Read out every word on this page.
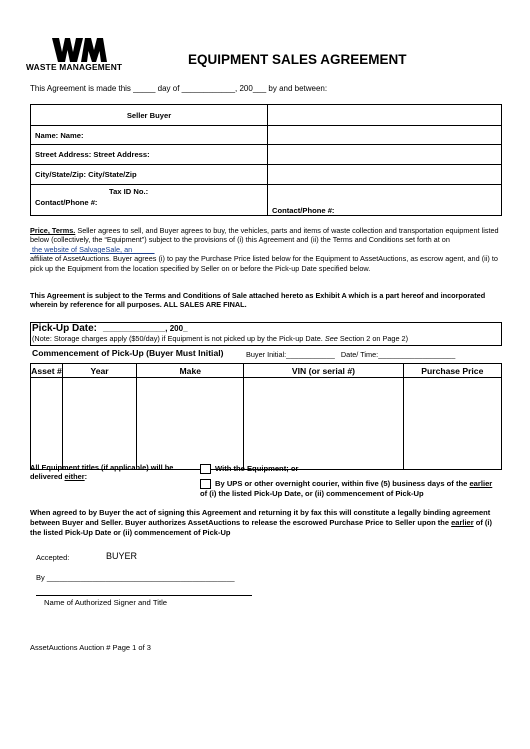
WASTE MANAGEMENT	EQUIPMENT SALES AGREEMENT
This Agreement is made this _____ day of ____________, 200___ by and between:
Seller Buyer	
Name: Name:	
Street Address: Street Address:	
City/State/Zip: City/State/Zip	

Tax ID No.:
Contact/Phone #:	Contact/Phone #:
Price, Terms. Seller agrees to sell, and Buyer agrees to buy, the vehicles, parts and items of waste collection and transportation equipment listed below (collectively, the “Equipment”) subject to the provisions of (i) this Agreement and (ii) the Terms and Conditions set forth at on the website of SalvageSale, an
affiliate of AssetAuctions. Buyer agrees (i) to pay the Purchase Price listed below for the Equipment to AssetAuctions, as escrow agent, and (ii) to pick up the Equipment from the location specified by Seller on or before the Pick-up Date specified below.
This Agreement is subject to the Terms and Conditions of Sale attached hereto as Exhibit A which is a part hereof and incorporated wherein by reference for all purposes. ALL SALES ARE FINAL.
Pick-Up Date: ______________, 200_
(Note: Storage charges apply ($50/day) if Equipment is not picked up by the Pick-up Date. See Section 2 on Page 2)
Commencement of Pick-Up (Buyer Must Initial)	Buyer Initial:____________ Date/ Time:___________________
Asset #	Year	Make	VIN (or serial #)	Purchase Price

All Equipment titles (if applicable) will be delivered either:
With the Equipment; or
By UPS or other overnight courier, within five (5) business days of the earlier of (i) the listed Pick-Up Date, or (ii) commencement of Pick-Up
When agreed to by Buyer the act of signing this Agreement and returning it by fax this will constitute a legally binding agreement between Buyer and Seller. Buyer authorizes AssetAuctions to release the escrowed Purchase Price to Seller upon the earlier of (i) the listed Pick-Up Date or (ii) commencement of Pick-Up
Accepted:	BUYER
By _____________________________________________
Name of Authorized Signer and Title
AssetAuctions Auction # Page 1 of 3
